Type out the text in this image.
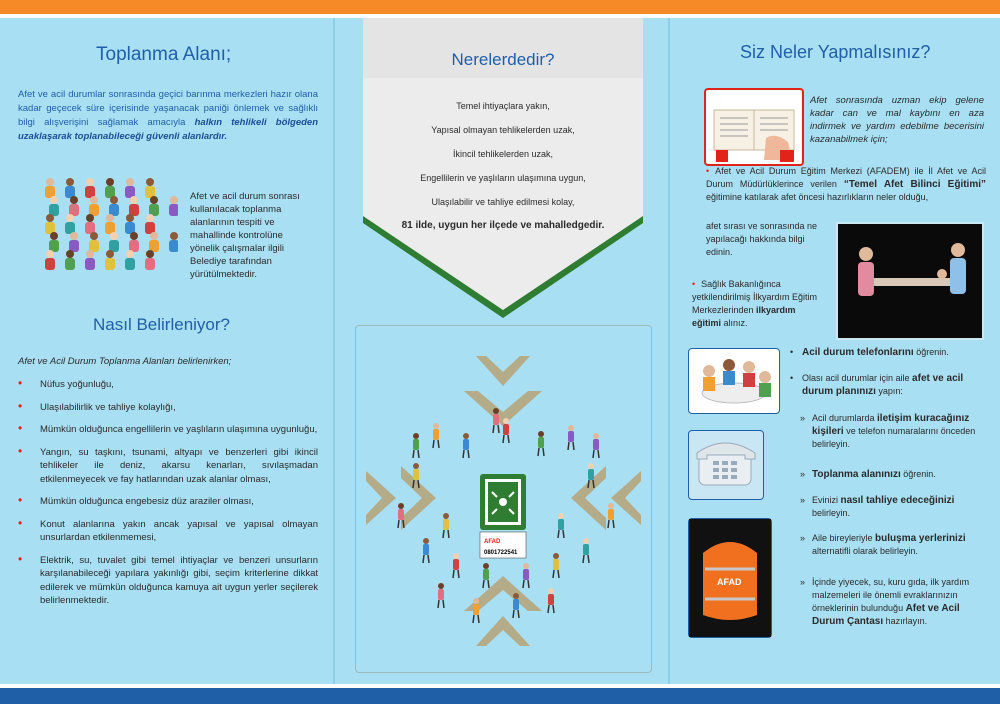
Toplanma Alanı;

Afet ve acil durumlar sonrasında geçici barınma merkezleri hazır olana kadar geçecek süre içerisinde yaşanacak paniği önlemek ve sağlıklı bilgi alışverişini sağlamak amacıyla halkın tehlikeli bölgeden uzaklaşarak toplanabileceği güvenli alanlardır.

Afet ve acil durum sonrası kullanılacak toplanma alanlarının tespiti ve mahallinde kontrolüne yönelik çalışmalar ilgili Belediye tarafından yürütülmektedir.

Nasıl Belirleniyor?

Afet ve Acil Durum Toplanma Alanları belirlenirken;

• Nüfus yoğunluğu,
• Ulaşılabilirlik ve tahliye kolaylığı,
• Mümkün olduğunca engellilerin ve yaşlıların ulaşımına uygunluğu,
• Yangın, su taşkını, tsunami, altyapı ve benzerleri gibi ikincil tehlikeler ile deniz, akarsu kenarları, sıvılaşmadan etkilenmeyecek ve fay hatlarından uzak alanlar olması,
• Mümkün olduğunca engebesiz düz araziler olması,
• Konut alanlarına yakın ancak yapısal ve yapısal olmayan unsurlardan etkilenmemesi,
• Elektrik, su, tuvalet gibi temel ihtiyaçlar ve benzeri unsurların karşılanabileceği yapılara yakınlığı gibi, seçim kriterlerine dikkat edilerek ve mümkün olduğunca kamuya ait uygun yerler seçilerek belirlenmektedir.
Nerelerdedir?
Temel ihtiyaçlara yakın,
Yapısal olmayan tehlikelerden uzak,
İkincil tehlikelerden uzak,
Engellilerin ve yaşlıların ulaşımına uygun,
Ulaşılabilir ve tahliye edilmesi kolay,
81 ilde, uygun her ilçede ve mahalledgedir.
AFAD
0801722541
Siz Neler Yapmalısınız?

Afet sonrasında uzman ekip gelene kadar can ve mal kaybını en aza indirmek ve yardım edebilme becerisini kazanabilmek için;

• Afet ve Acil Durum Eğitim Merkezi (AFADEM) ile İl Afet ve Acil Durum Müdürlüklerince verilen “Temel Afet Bilinci Eğitimi” eğitimine katılarak afet öncesi hazırlıkların neler olduğu,

afet sırası ve sonrasında ne yapılacağı hakkında bilgi edinin.

• Sağlık Bakanlığınca yetkilendirilmiş İlkyardım Eğitim Merkezlerinden ilkyardım eğitimi alınız.

AFAD
• Acil durum telefonlarını öğrenin.
• Olası acil durumlar için aile afet ve acil durum planınızı yapın:
» Acil durumlarda iletişim kuracağınız kişileri ve telefon numaralarını önceden belirleyin.
» Toplanma alanınızı öğrenin.
» Evinizi nasıl tahliye edeceğinizi belirleyin.
» Aile bireyleriyle buluşma yerlerinizi alternatifli olarak belirleyin.
» İçinde yiyecek, su, kuru gıda, ilk yardım malzemeleri ile önemli evraklarınızın örneklerinin bulunduğu Afet ve Acil Durum Çantası hazırlayın.
